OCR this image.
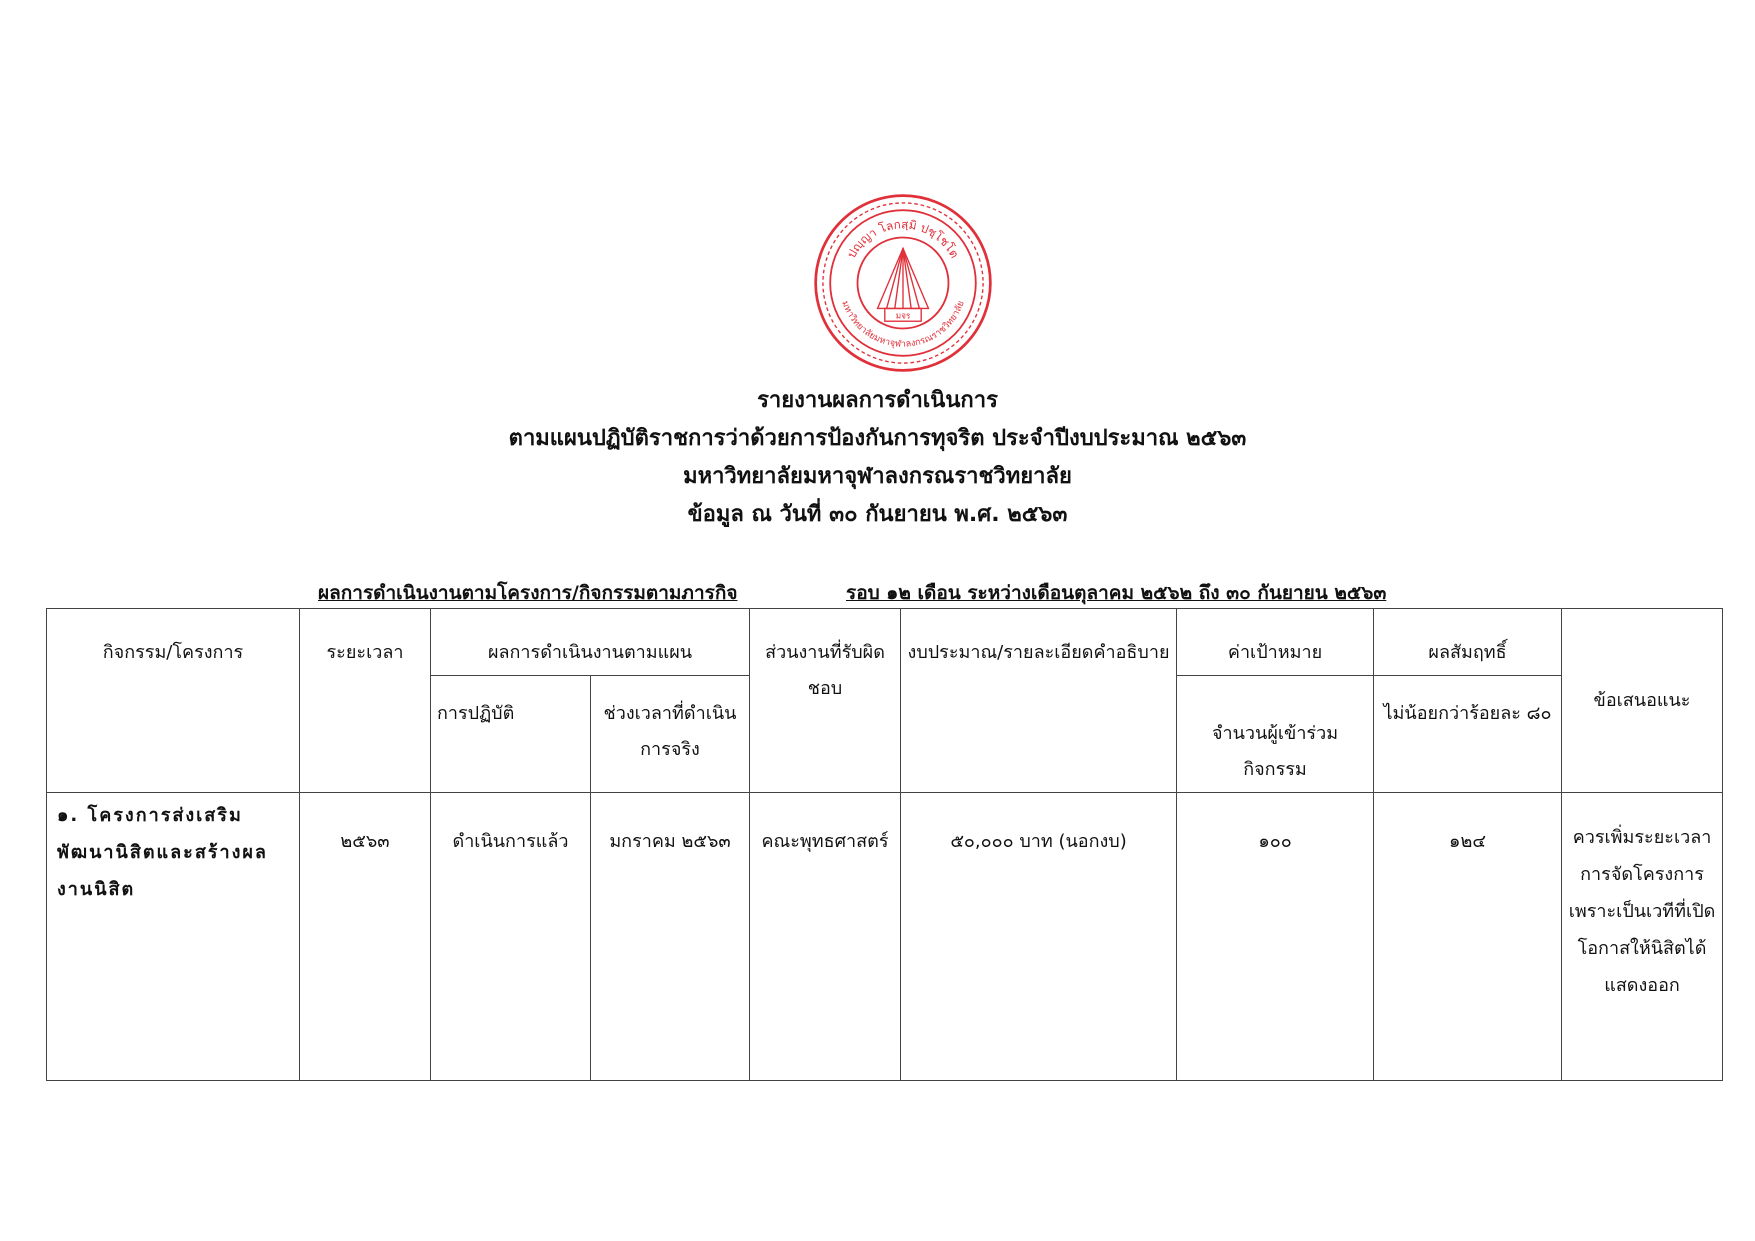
ปญฺญา โลกสฺมิ ปชฺโชโต
มหาวิทยาลัยมหาจุฬาลงกรณราชวิทยาลัย
มจร
รายงานผลการดำเนินการ
ตามแผนปฏิบัติราชการว่าด้วยการป้องกันการทุจริต ประจำปีงบประมาณ ๒๕๖๓
มหาวิทยาลัยมหาจุฬาลงกรณราชวิทยาลัย
ข้อมูล ณ วันที่ ๓๐ กันยายน พ.ศ. ๒๕๖๓
ผลการดำเนินงานตามโครงการ/กิจกรรมตามภารกิจ	รอบ ๑๒ เดือน ระหว่างเดือนตุลาคม ๒๕๖๒ ถึง ๓๐ กันยายน ๒๕๖๓
กิจกรรม/โครงการ	ระยะเวลา	ผลการดำเนินงานตามแผน		ส่วนงานที่รับผิดชอบ	งบประมาณ/รายละเอียดคำอธิบาย	ค่าเป้าหมาย	ผลสัมฤทธิ์	ข้อเสนอแนะ
		การปฏิบัติ	ช่วงเวลาที่ดำเนินการจริง			จำนวนผู้เข้าร่วมกิจกรรม	ไม่น้อยกว่าร้อยละ ๘๐	
๑. โครงการส่งเสริมพัฒนานิสิตและสร้างผลงานนิสิต	๒๕๖๓	ดำเนินการแล้ว	มกราคม ๒๕๖๓	คณะพุทธศาสตร์	๕๐,๐๐๐ บาท (นอกงบ)	๑๐๐	๑๒๔	ควรเพิ่มระยะเวลาการจัดโครงการ เพราะเป็นเวทีที่เปิดโอกาสให้นิสิตได้แสดงออก
